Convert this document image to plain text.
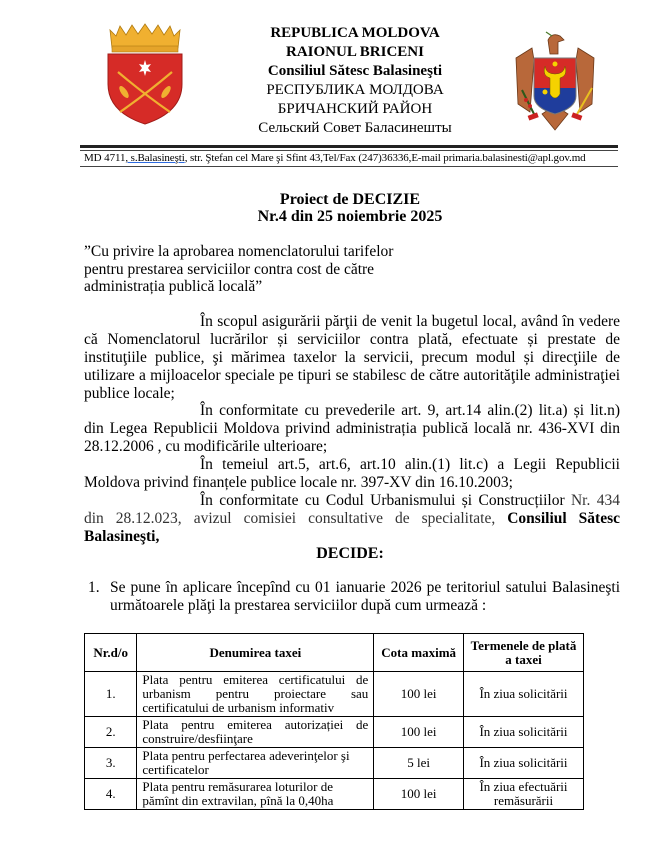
REPUBLICA MOLDOVA
RAIONUL BRICENI
Consiliul Sătesc Balasineşti
РЕСПУБЛИКА МОЛДОВА
БРИЧАНСКИЙ РАЙОН
Сельский Совет Баласинешты
MD 4711, s.Balasineşti, str. Ştefan cel Mare şi Sfint 43,Tel/Fax (247)36336,E-mail primaria.balasinesti@apl.gov.md
Proiect de DECIZIE
Nr.4 din 25 noiembrie 2025
”Cu privire la aprobarea nomenclatorului tarifelor
pentru prestarea serviciilor contra cost de către
administrația publică locală”
În scopul asigurării părţii de venit la bugetul local, având în vedere că Nomenclatorul lucrărilor și serviciilor contra plată, efectuate și prestate de instituţiile publice, şi mărimea taxelor la servicii, precum modul și direcţiile de utilizare a mijloacelor speciale pe tipuri se stabilesc de către autorităţile administraţiei publice locale;
În conformitate cu prevederile art. 9, art.14 alin.(2) lit.a) și lit.n) din Legea Republicii Moldova privind administrația publică locală nr. 436-XVI din 28.12.2006 , cu modificările ulterioare;
În temeiul art.5, art.6, art.10 alin.(1) lit.c) a Legii Republicii Moldova privind finanțele publice locale nr. 397-XV din 16.10.2003;
În conformitate cu Codul Urbanismului și Construcțiilor Nr. 434 din 28.12.023, avizul comisiei consultative de specialitate, Consiliul Sătesc Balasineşti,
DECIDE:
1. Se pune în aplicare începînd cu 01 ianuarie 2026 pe teritoriul satului Balasineşti următoarele plăţi la prestarea serviciilor după cum urmează :
Nr.d/o	Denumirea taxei	Cota maximă	Termenele de plată a taxei
1.	Plata pentru emiterea certificatului de urbanism pentru proiectare sau certificatului de urbanism informativ	100 lei	În ziua solicitării
2.	Plata pentru emiterea autorizației de construire/desfiinţare	100 lei	În ziua solicitării
3.	Plata pentru perfectarea adeverinţelor şi certificatelor	5 lei	În ziua solicitării
4.	Plata pentru remăsurarea loturilor de pămînt din extravilan, pînă la 0,40ha	100 lei	În ziua efectuării remăsurării
